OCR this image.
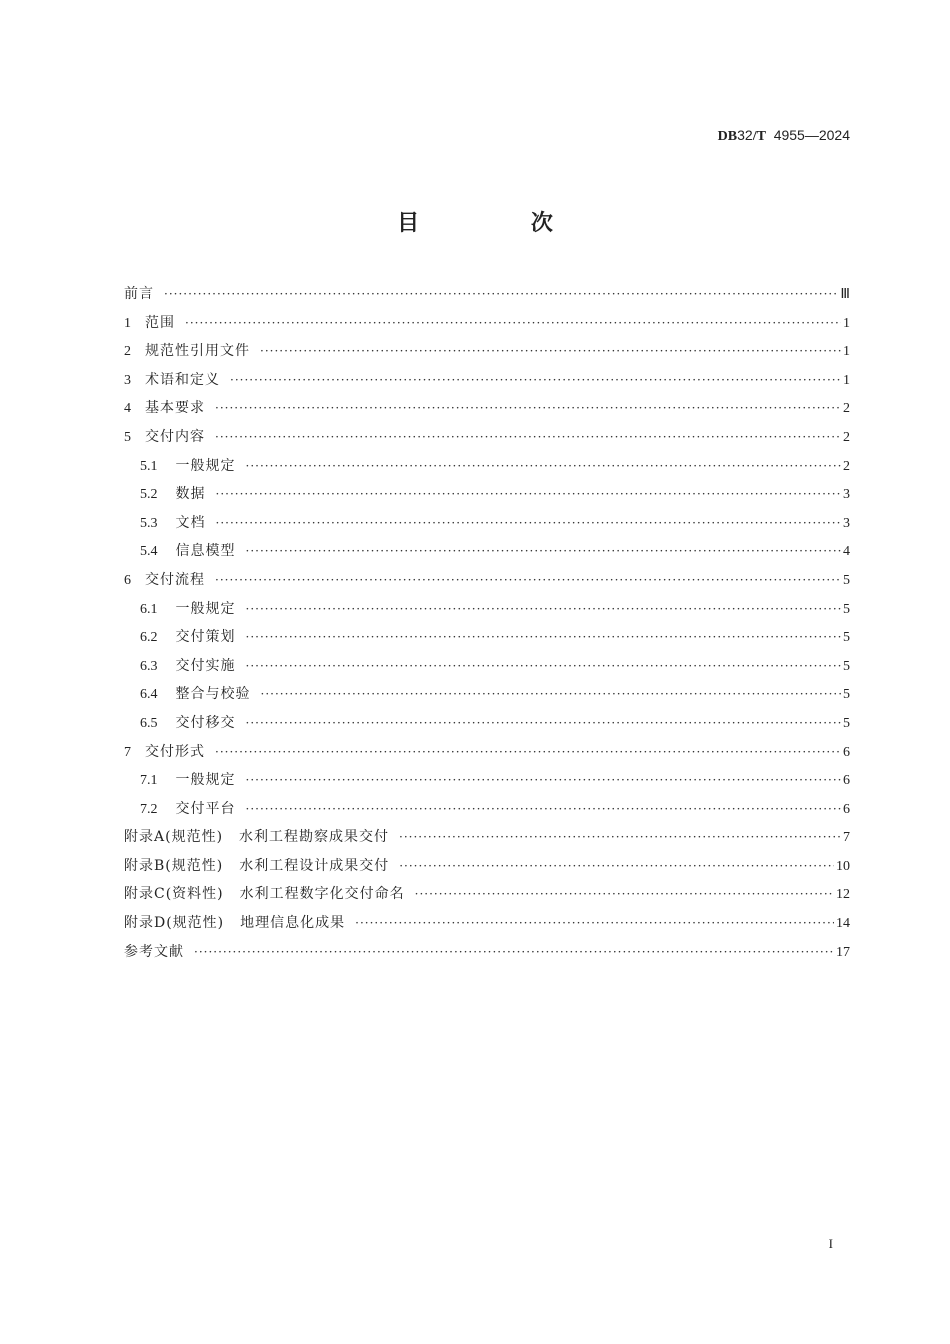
DB32/T 4955—2024
目 次
前言 ·····	Ⅲ
1 范围 ·····	1
2 规范性引用文件 ·····	1
3 术语和定义 ·····	1
4 基本要求 ·····	2
5 交付内容 ·····	2
5.1 一般规定 ·····	2
5.2 数据 ·····	3
5.3 文档 ·····	3
5.4 信息模型 ·····	4
6 交付流程 ·····	5
6.1 一般规定 ·····	5
6.2 交付策划 ·····	5
6.3 交付实施 ·····	5
6.4 整合与校验 ·····	5
6.5 交付移交 ·····	5
7 交付形式 ·····	6
7.1 一般规定 ·····	6
7.2 交付平台 ·····	6
附录A(规范性) 水利工程勘察成果交付 ·····	7
附录B(规范性) 水利工程设计成果交付 ·····	10
附录C(资料性) 水利工程数字化交付命名 ·····	12
附录D(规范性) 地理信息化成果 ·····	14
参考文献 ·····	17
I
